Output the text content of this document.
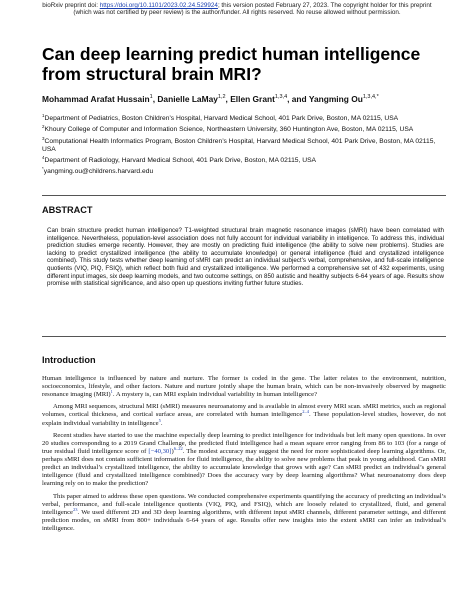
bioRxiv preprint doi: https://doi.org/10.1101/2023.02.24.529924; this version posted February 27, 2023. The copyright holder for this preprint
(which was not certified by peer review) is the author/funder. All rights reserved. No reuse allowed without permission.
Can deep learning predict human intelligence from structural brain MRI?
Mohammad Arafat Hussain$^1$, Danielle LaMay$^{1,2}$, Ellen Grant$^{1,3,4}$, and Yangming $Ou^{1,3,4,*}$

$^1$Department of Pediatrics, Boston Children’s Hospital, Harvard Medical School, 401 Park Drive, Boston, MA 02115, USA

$^2$Khoury College of Computer and Information Science, Northeastern University, 360 Huntington Ave, Boston, MA 02115, USA

$^3$Computational Health Informatics Program, Boston Children’s Hospital, Harvard Medical School, 401 Park Drive, Boston, MA 02115, USA

$^4$Department of Radiology, Harvard Medical School, 401 Park Drive, Boston, MA 02115, USA

*yangming.ou@childrens.harvard.edu

ABSTRACT

Can brain structure predict human intelligence? T1-weighted structural brain magnetic resonance images (sMRI) have been correlated with intelligence. Nevertheless, population-level association does not fully account for individual variability in intelligence. To address this, individual prediction studies emerge recently. However, they are mostly on predicting fluid intelligence (the ability to solve new problems). Studies are lacking to predict crystallized intelligence (the ability to accumulate knowledge) or general intelligence (fluid and crystallized intelligence combined). This study tests whether deep learning of sMRI can predict an individual subject’s verbal, comprehensive, and full-scale intelligence quotients (VIQ, PIQ, FSIQ), which reflect both fluid and crystallized intelligence. We performed a comprehensive set of 432 experiments, using different input images, six deep learning models, and two outcome settings, on 850 autistic and healthy subjects 6-64 years of age. Results show promise with statistical significance, and also open up questions inviting further future studies.

Introduction

Human intelligence is influenced by nature and nurture. The former is coded in the gene. The latter relates to the environment, nutrition, socioeconomics, lifestyle, and other factors. Nature and nurture jointly shape the human brain, which can be non-invasively observed by magnetic resonance imaging (MRI)$^1$. A mystery is, can MRI explain individual variability in human intelligence?

Among MRI sequences, structural MRI (sMRI) measures neuroanatomy and is available in almost every MRI scan. sMRI metrics, such as regional volumes, cortical thickness, and cortical surface areas, are correlated with human intelligence$^{2-4}$. These population-level studies, however, do not explain individual variability in intelligence$^5$.

Recent studies have started to use the machine especially deep learning to predict intelligence for individuals but left many open questions. In over 20 studies corresponding to a 2019 Grand Challenge, the predicted fluid intelligence had a mean square error ranging from 86 to 103 (for a range of true residual fluid intelligence score of [−40,30])$^{6-22}$. The modest accuracy may suggest the need for more sophisticated deep learning algorithms. Or, perhaps sMRI does not contain sufficient information for fluid intelligence, the ability to solve new problems that peak in young adulthood. Can sMRI predict an individual’s crystallized intelligence, the ability to accumulate knowledge that grows with age? Can sMRI predict an individual’s general intelligence (fluid and crystallized intelligence combined)? Does the accuracy vary by deep learning algorithms? What neuroanatomy does deep learning rely on to make the prediction?

This paper aimed to address these open questions. We conducted comprehensive experiments quantifying the accuracy of predicting an individual’s verbal, performance, and full-scale intelligence quotients (VIQ, PIQ, and FSIQ), which are loosely related to crystallized, fluid, and general intelligence$^{23}$. We used different 2D and 3D deep learning algorithms, with different input sMRI channels, different parameter settings, and different prediction modes, on sMRI from 800+ individuals 6-64 years of age. Results offer new insights into the extent sMRI can infer an individual’s intelligence.
